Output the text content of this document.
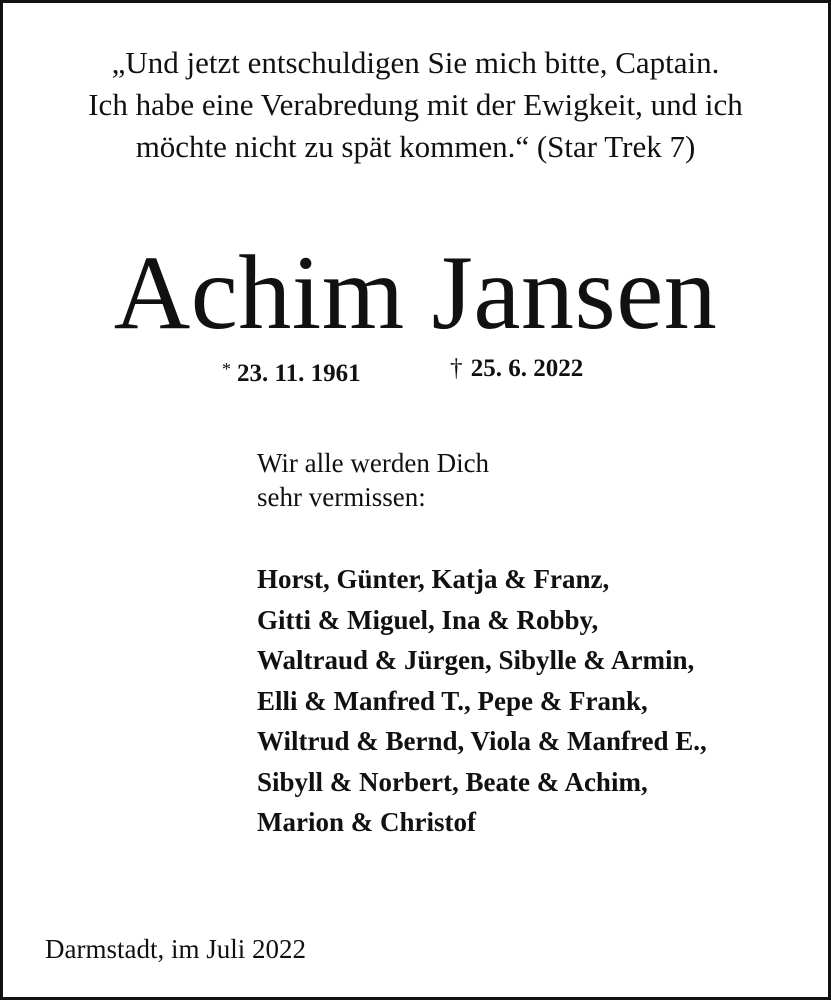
„Und jetzt entschuldigen Sie mich bitte, Captain.
Ich habe eine Verabredung mit der Ewigkeit, und ich
möchte nicht zu spät kommen.“ (Star Trek 7)
Achim Jansen
* 23. 11. 1961	† 25. 6. 2022
Wir alle werden Dich
sehr vermissen:
Horst, Günter, Katja & Franz,
Gitti & Miguel, Ina & Robby,
Waltraud & Jürgen, Sibylle & Armin,
Elli & Manfred T., Pepe & Frank,
Wiltrud & Bernd, Viola & Manfred E.,
Sibyll & Norbert, Beate & Achim,
Marion & Christof
Darmstadt, im Juli 2022
